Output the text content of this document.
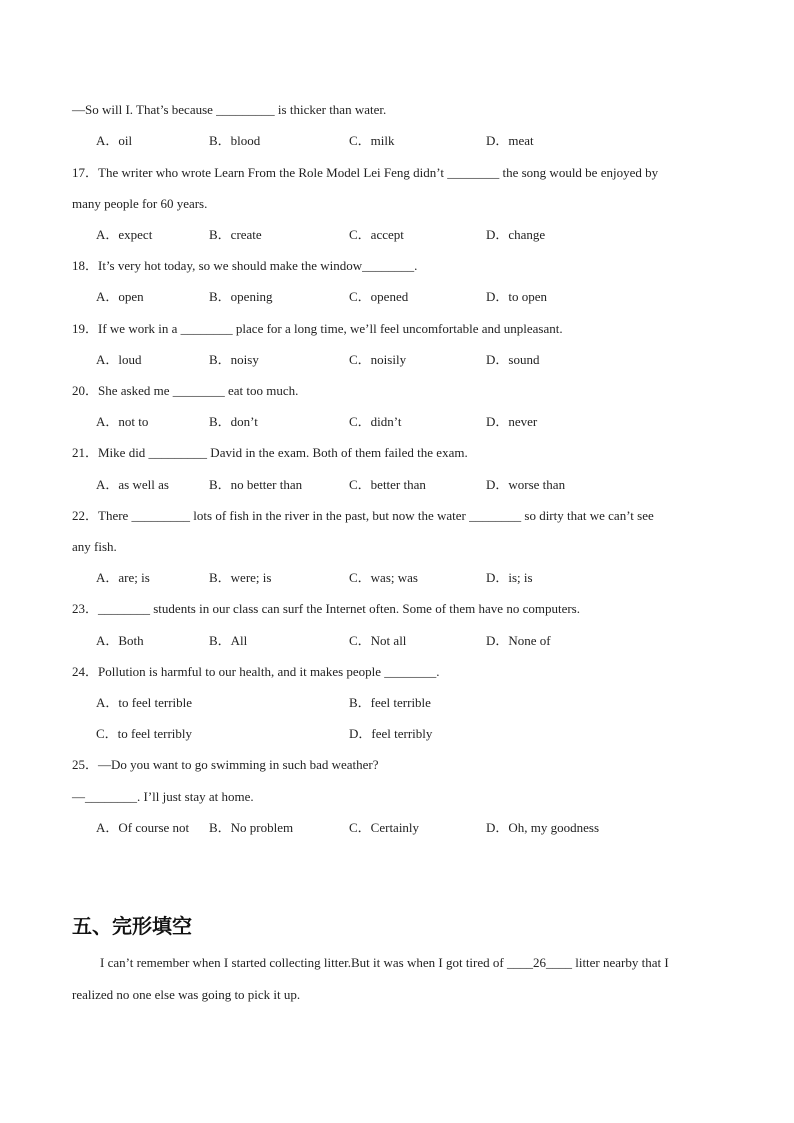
—So will I. That’s because _________ is thicker than water.
A．oil	B．blood	C．milk	D．meat
17．The writer who wrote Learn From the Role Model Lei Feng didn’t ________ the song would be enjoyed by
many people for 60 years.
A．expect	B．create	C．accept	D．change
18．It’s very hot today, so we should make the window________.
A．open	B．opening	C．opened	D．to open
19．If we work in a ________ place for a long time, we’ll feel uncomfortable and unpleasant.
A．loud	B．noisy	C．noisily	D．sound
20．She asked me ________ eat too much.
A．not to	B．don’t	C．didn’t	D．never
21．Mike did _________ David in the exam. Both of them failed the exam.
A．as well as	B．no better than	C．better than	D．worse than
22．There _________ lots of fish in the river in the past, but now the water ________ so dirty that we can’t see
any fish.
A．are; is	B．were; is	C．was; was	D．is; is
23．________ students in our class can surf the Internet often. Some of them have no computers.
A．Both	B．All	C．Not all	D．None of
24．Pollution is harmful to our health, and it makes people ________.
A．to feel terrible	B．feel terrible
C．to feel terribly	D．feel terribly
25．—Do you want to go swimming in such bad weather?
—________. I’ll just stay at home.
A．Of course not B．No problem	C．Certainly	D．Oh, my goodness
五、完形填空
I can’t remember when I started collecting litter.But it was when I got tired of ____26____ litter nearby that I
realized no one else was going to pick it up.
